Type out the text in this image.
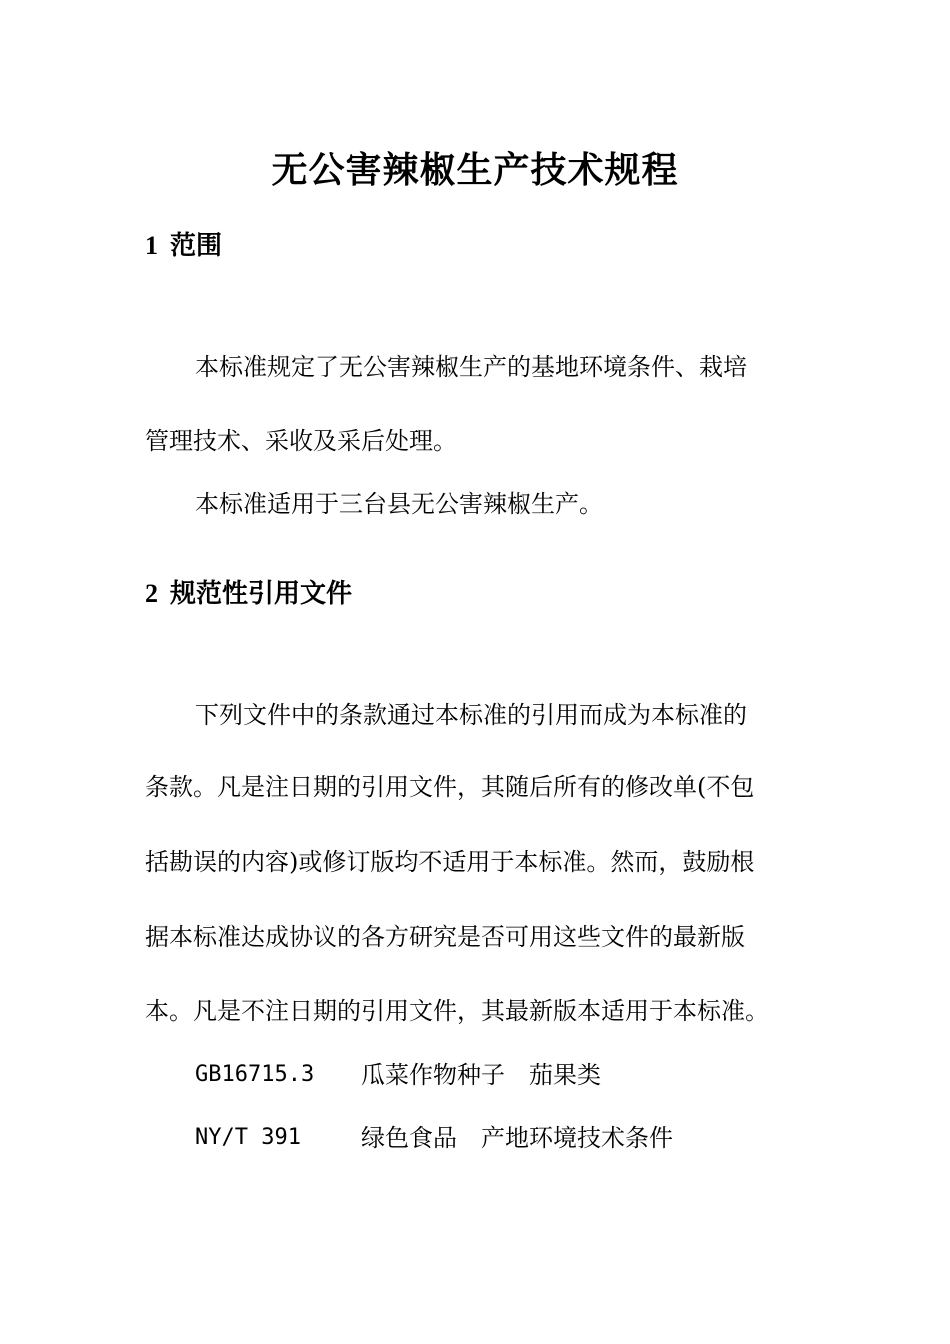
无公害辣椒生产技术规程
1 范围
本标准规定了无公害辣椒生产的基地环境条件、栽培
管理技术、采收及采后处理。
本标准适用于三台县无公害辣椒生产。
2 规范性引用文件
下列文件中的条款通过本标准的引用而成为本标准的
条款。凡是注日期的引用文件，其随后所有的修改单(不包
括勘误的内容)或修订版均不适用于本标准。然而，鼓励根
据本标准达成协议的各方研究是否可用这些文件的最新版
本。凡是不注日期的引用文件，其最新版本适用于本标准。
GB16715.3 瓜菜作物种子　茄果类
NY/T 391	绿色食品　产地环境技术条件
